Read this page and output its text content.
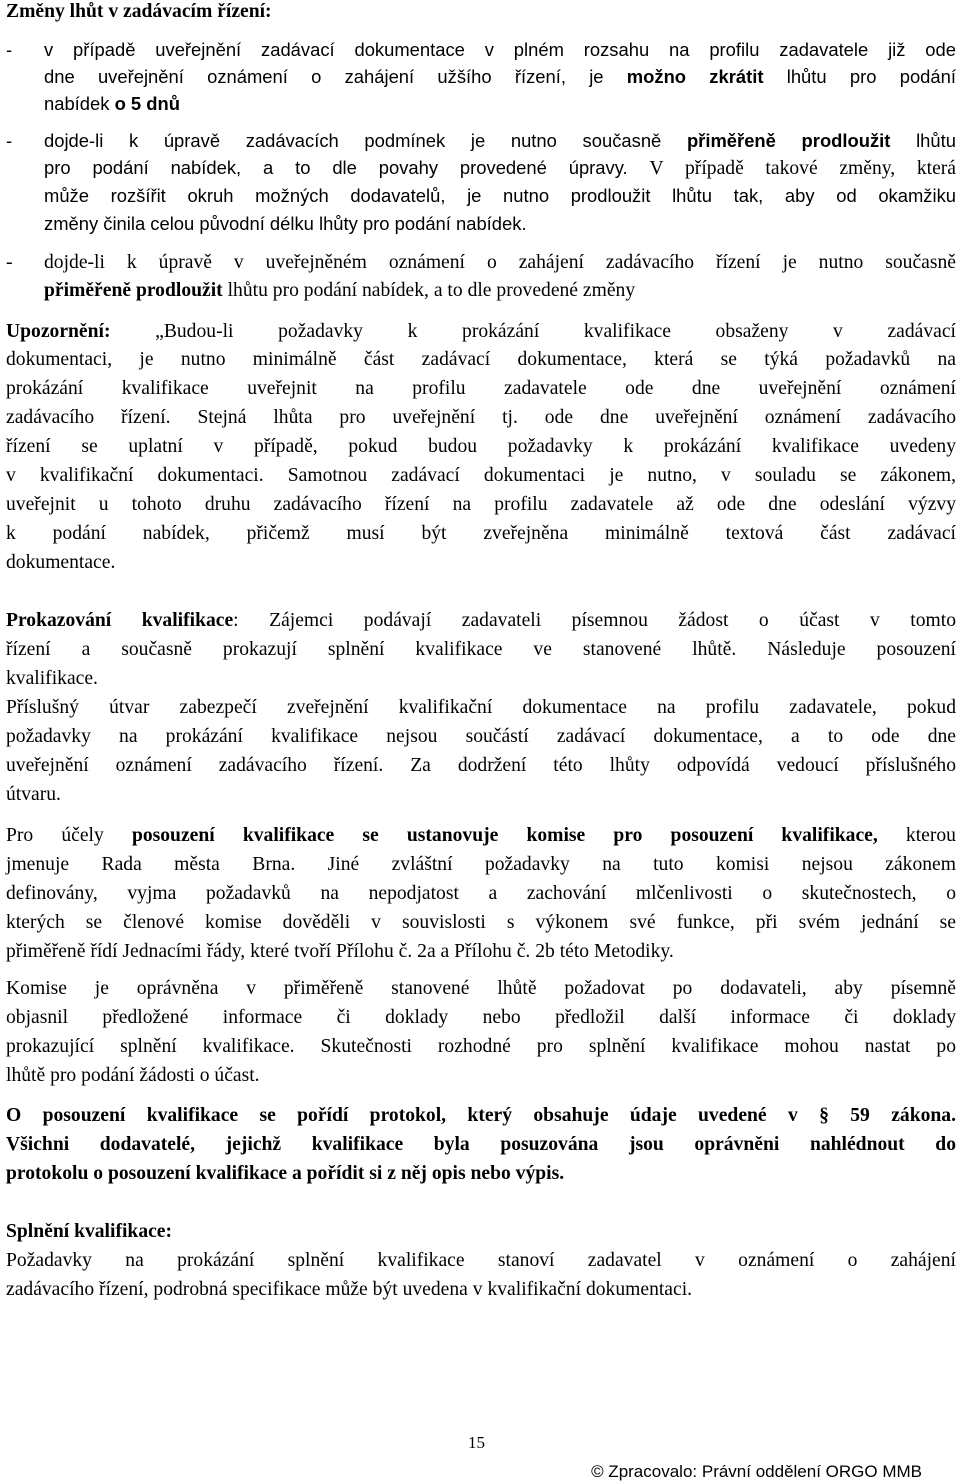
Změny lhůt v zadávacím řízení:
- v případě uveřejnění zadávací dokumentace v plném rozsahu na profilu zadavatele již ode
dne uveřejnění oznámení o zahájení užšího řízení, je možno zkrátit lhůtu pro podání
nabídek o 5 dnů
- dojde-li k úpravě zadávacích podmínek je nutno současně přiměřeně prodloužit lhůtu
pro podání nabídek, a to dle povahy provedené úpravy. V případě takové změny, která
může rozšířit okruh možných dodavatelů, je nutno prodloužit lhůtu tak, aby od okamžiku
změny činila celou původní délku lhůty pro podání nabídek.
- dojde-li k úpravě v uveřejněném oznámení o zahájení zadávacího řízení je nutno současně
přiměřeně prodloužit lhůtu pro podání nabídek, a to dle provedené změny
Upozornění: „Budou-li požadavky k prokázání kvalifikace obsaženy v zadávací
dokumentaci, je nutno minimálně část zadávací dokumentace, která se týká požadavků na
prokázání kvalifikace uveřejnit na profilu zadavatele ode dne uveřejnění oznámení
zadávacího řízení. Stejná lhůta pro uveřejnění tj. ode dne uveřejnění oznámení zadávacího
řízení se uplatní v případě, pokud budou požadavky k prokázání kvalifikace uvedeny
v kvalifikační dokumentaci. Samotnou zadávací dokumentaci je nutno, v souladu se zákonem,
uveřejnit u tohoto druhu zadávacího řízení na profilu zadavatele až ode dne odeslání výzvy
k podání nabídek, přičemž musí být zveřejněna minimálně textová část zadávací
dokumentace.
Prokazování kvalifikace: Zájemci podávají zadavateli písemnou žádost o účast v tomto
řízení a současně prokazují splnění kvalifikace ve stanovené lhůtě. Následuje posouzení
kvalifikace.
Příslušný útvar zabezpečí zveřejnění kvalifikační dokumentace na profilu zadavatele, pokud
požadavky na prokázání kvalifikace nejsou součástí zadávací dokumentace, a to ode dne
uveřejnění oznámení zadávacího řízení. Za dodržení této lhůty odpovídá vedoucí příslušného
útvaru.
Pro účely posouzení kvalifikace se ustanovuje komise pro posouzení kvalifikace, kterou
jmenuje Rada města Brna. Jiné zvláštní požadavky na tuto komisi nejsou zákonem
definovány, vyjma požadavků na nepodjatost a zachování mlčenlivosti o skutečnostech, o
kterých se členové komise dověděli v souvislosti s výkonem své funkce, při svém jednání se
přiměřeně řídí Jednacími řády, které tvoří Přílohu č. 2a a Přílohu č. 2b této Metodiky.
Komise je oprávněna v přiměřeně stanovené lhůtě požadovat po dodavateli, aby písemně
objasnil předložené informace či doklady nebo předložil další informace či doklady
prokazující splnění kvalifikace. Skutečnosti rozhodné pro splnění kvalifikace mohou nastat po
lhůtě pro podání žádosti o účast.
O posouzení kvalifikace se pořídí protokol, který obsahuje údaje uvedené v § 59 zákona.
Všichni dodavatelé, jejichž kvalifikace byla posuzována jsou oprávněni nahlédnout do
protokolu o posouzení kvalifikace a pořídit si z něj opis nebo výpis.
Splnění kvalifikace:
Požadavky na prokázání splnění kvalifikace stanoví zadavatel v oznámení o zahájení
zadávacího řízení, podrobná specifikace může být uvedena v kvalifikační dokumentaci.
15
© Zpracovalo: Právní oddělení ORGO MMB
